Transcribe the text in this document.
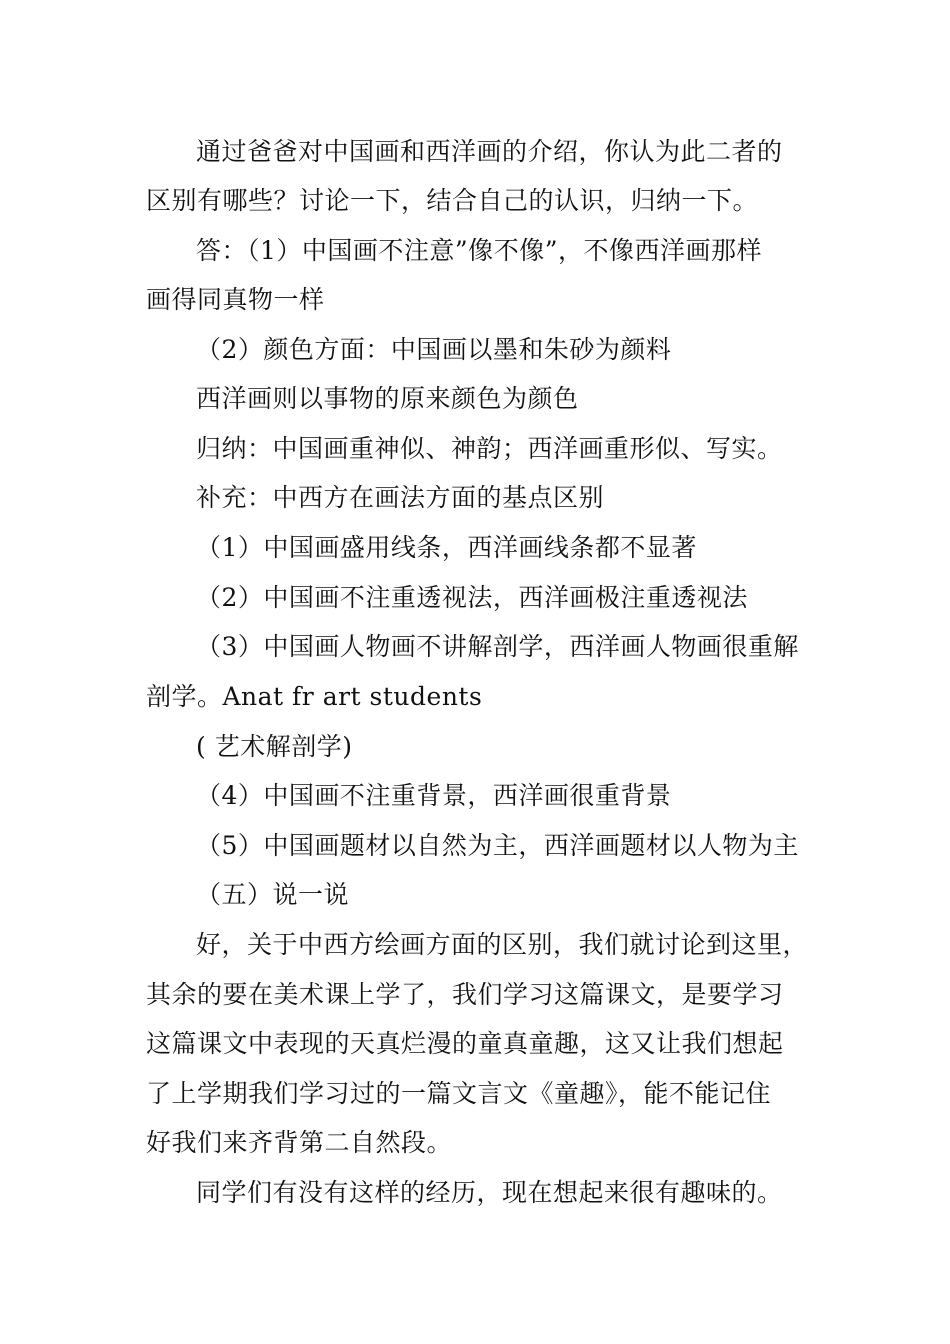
通过爸爸对中国画和西洋画的介绍，你认为此二者的
区别有哪些？讨论一下，结合自己的认识，归纳一下。
答：（1）中国画不注意”像不像”，不像西洋画那样
画得同真物一样
（2）颜色方面：中国画以墨和朱砂为颜料
西洋画则以事物的原来颜色为颜色
归纳：中国画重神似、神韵；西洋画重形似、写实。
补充：中西方在画法方面的基点区别
（1）中国画盛用线条，西洋画线条都不显著
（2）中国画不注重透视法，西洋画极注重透视法
（3）中国画人物画不讲解剖学，西洋画人物画很重解
剖学。Anat fr art students
( 艺术解剖学)
（4）中国画不注重背景，西洋画很重背景
（5）中国画题材以自然为主，西洋画题材以人物为主
（五）说一说
好，关于中西方绘画方面的区别，我们就讨论到这里，
其余的要在美术课上学了，我们学习这篇课文，是要学习
这篇课文中表现的天真烂漫的童真童趣，这又让我们想起
了上学期我们学习过的一篇文言文《童趣》，能不能记住
好我们来齐背第二自然段。
同学们有没有这样的经历，现在想起来很有趣味的。
